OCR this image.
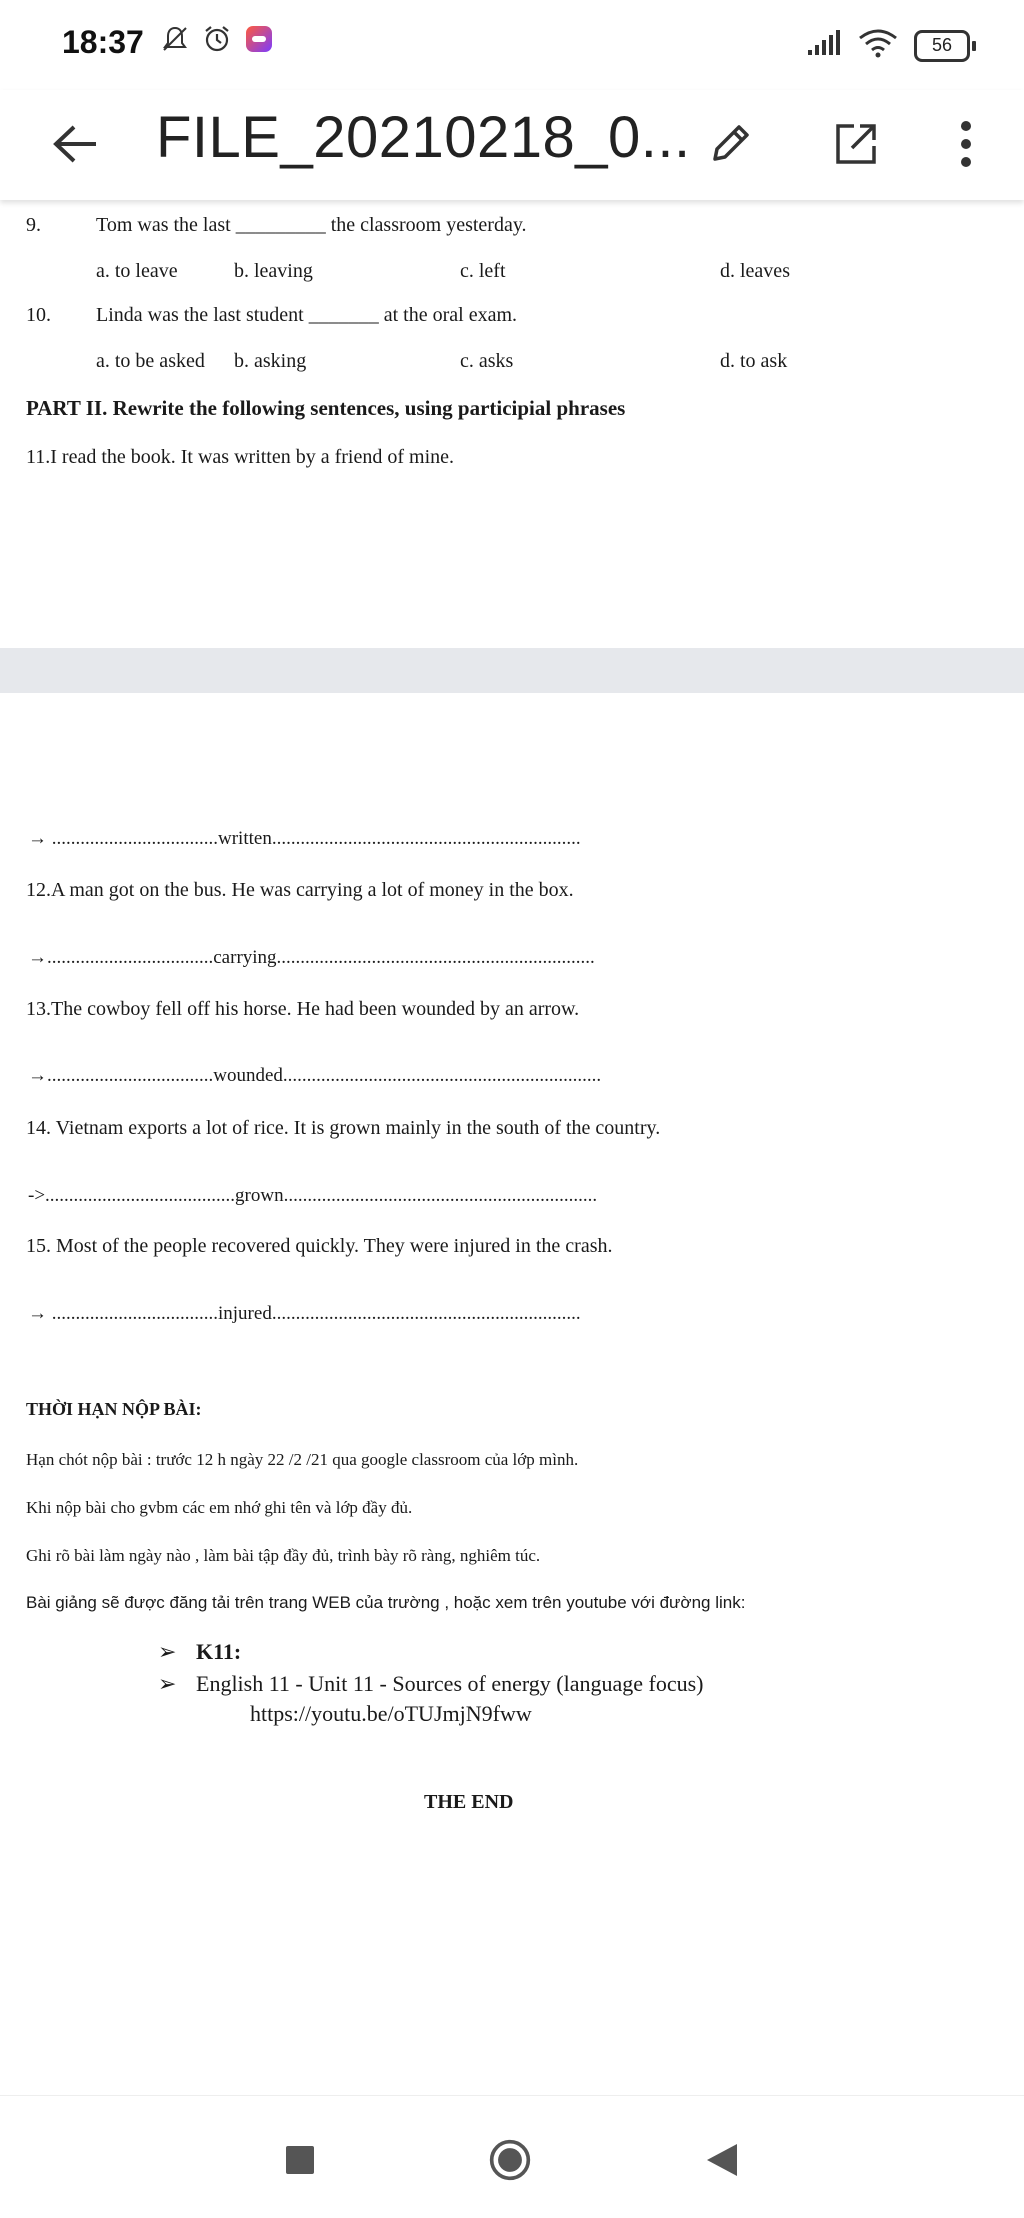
18:37	56
FILE_20210218_0...
9.	Tom was the last _________ the classroom yesterday.
a. to leave	b. leaving	c. left	d. leaves
10. Linda was the last student _______ at the oral exam.
a. to be asked b. asking	c. asks	d. to ask
PART II. Rewrite the following sentences, using participial phrases
11.I read the book. It was written by a friend of mine.
→ ...................................written.................................................................
12.A man got on the bus. He was carrying a lot of money in the box.
→...................................carrying...................................................................
13.The cowboy fell off his horse. He had been wounded by an arrow.
→...................................wounded...................................................................
14. Vietnam exports a lot of rice. It is grown mainly in the south of the country.
->........................................grown..................................................................
15. Most of the people recovered quickly. They were injured in the crash.
→ ...................................injured.................................................................
THỜI HẠN NỘP BÀI:
Hạn chót nộp bài : trước 12 h ngày 22 /2 /21 qua google classroom của lớp mình.
Khi nộp bài cho gvbm các em nhớ ghi tên và lớp đầy đủ.
Ghi rõ bài làm ngày nào , làm bài tập đầy đủ, trình bày rõ ràng, nghiêm túc.
Bài giảng sẽ được đăng tải trên trang WEB của trường , hoặc xem trên youtube với đường link:
➢ K11:
➢ English 11 - Unit 11 - Sources of energy (language focus)
https://youtu.be/oTUJmjN9fww
THE END
